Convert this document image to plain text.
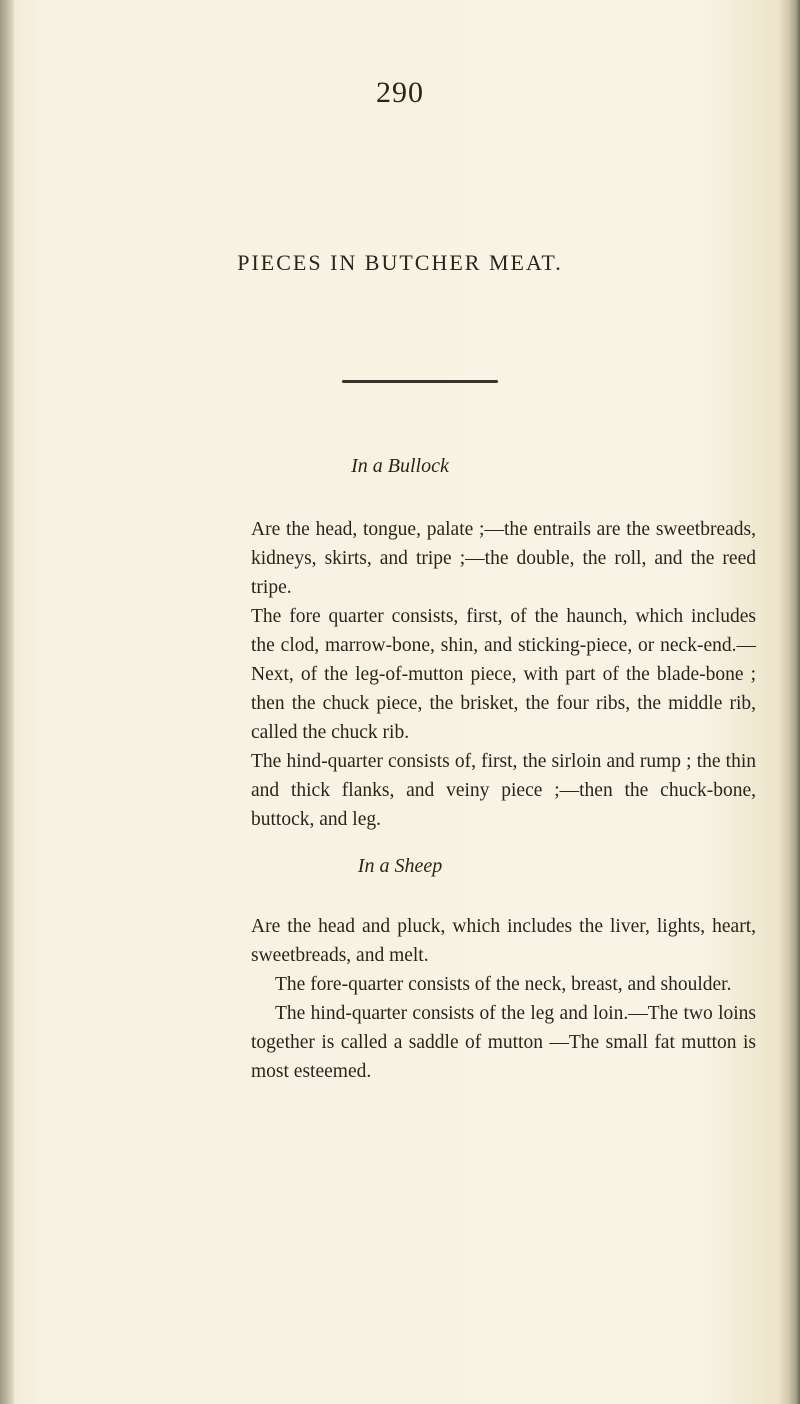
290
PIECES IN BUTCHER MEAT.
In a Bullock

Are the head, tongue, palate ;—the entrails are the sweetbreads, kidneys, skirts, and tripe ;—the double, the roll, and the reed tripe.

The fore quarter consists, first, of the haunch, which includes the clod, marrow-bone, shin, and sticking-piece, or neck-end.—Next, of the leg-of-mutton piece, with part of the blade-bone ; then the chuck piece, the brisket, the four ribs, the middle rib, called the chuck rib.

The hind-quarter consists of, first, the sirloin and rump ; the thin and thick flanks, and veiny piece ;—then the chuck-bone, buttock, and leg.

In a Sheep

Are the head and pluck, which includes the liver, lights, heart, sweetbreads, and melt.

The fore-quarter consists of the neck, breast, and shoulder.

The hind-quarter consists of the leg and loin.—The two loins together is called a saddle of mutton —The small fat mutton is most esteemed.
